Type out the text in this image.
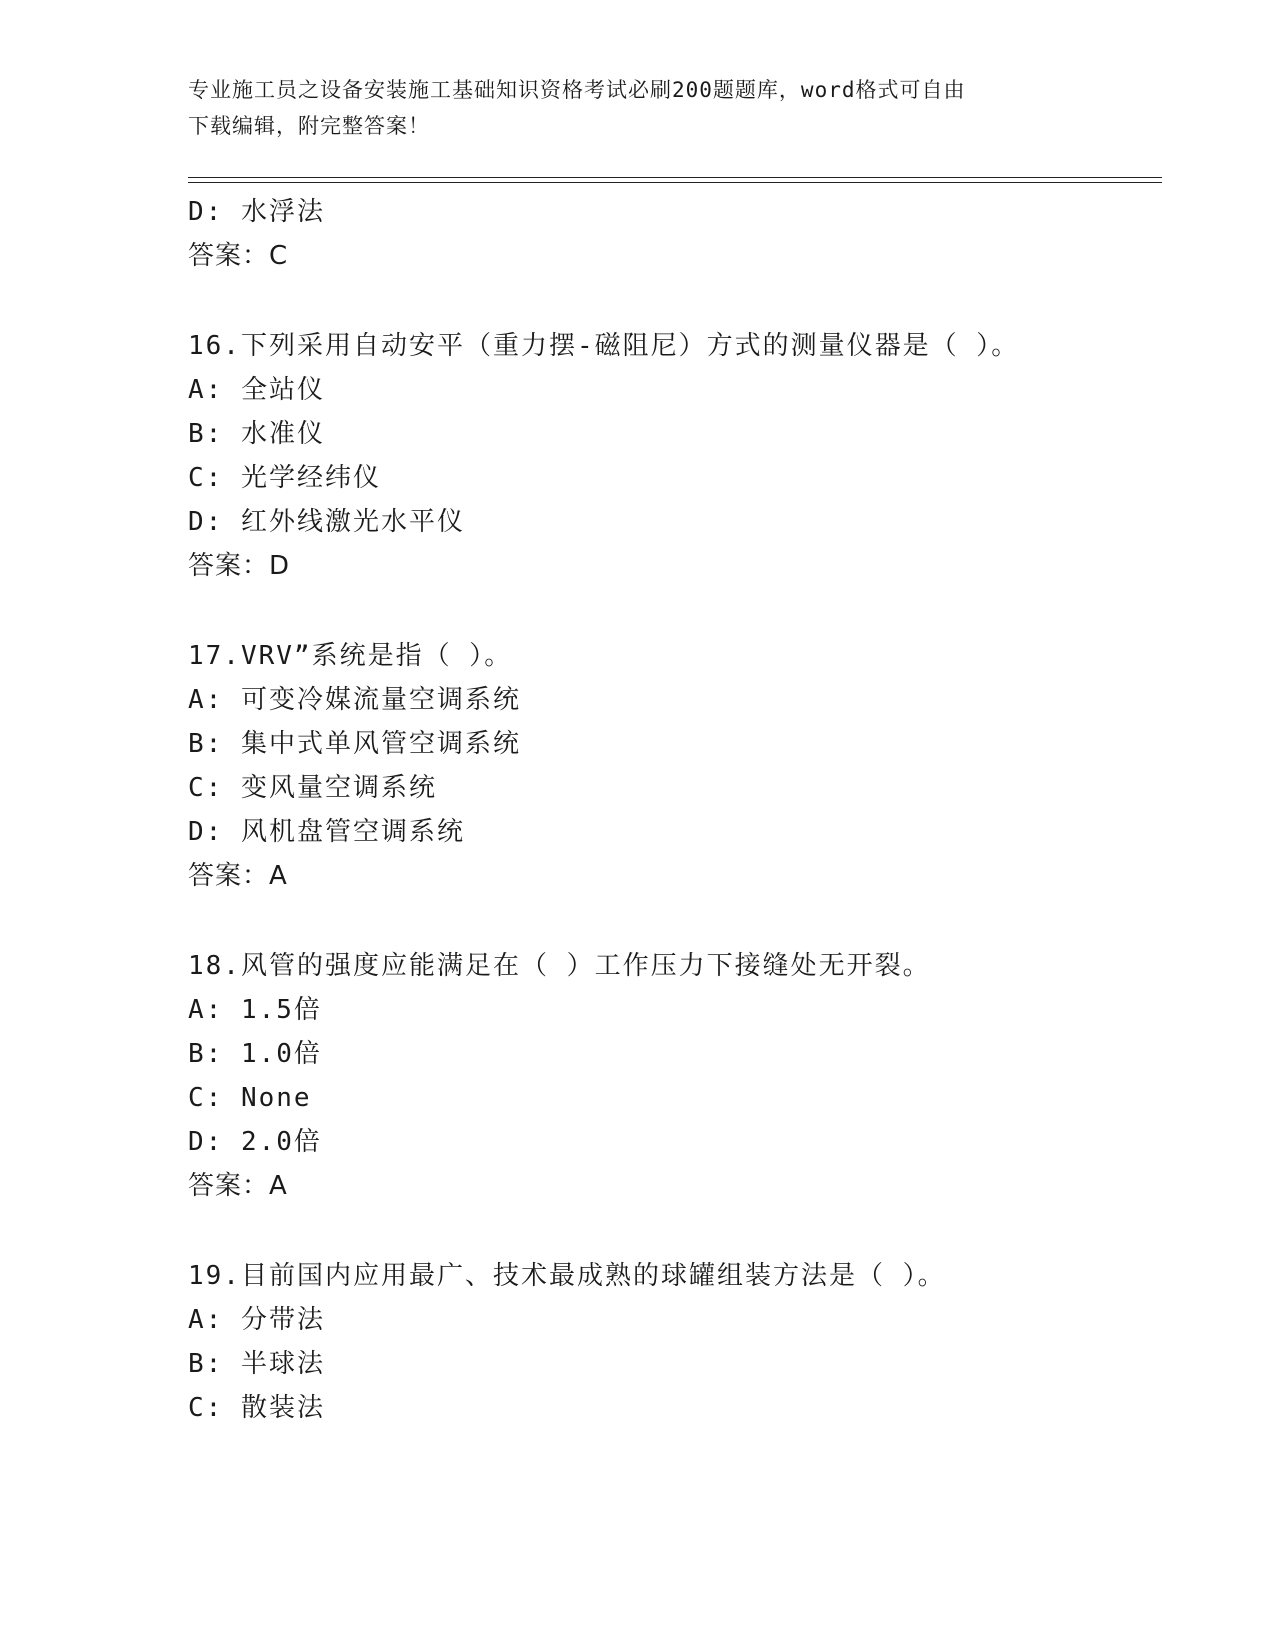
专业施工员之设备安装施工基础知识资格考试必刷200题题库，word格式可自由
下载编辑，附完整答案！
D: 水浮法
答案：C
16.下列采用自动安平（重力摆-磁阻尼）方式的测量仪器是（ ）。
A: 全站仪
B: 水准仪
C: 光学经纬仪
D: 红外线激光水平仪
答案：D
17.VRV”系统是指（ ）。
A: 可变冷媒流量空调系统
B: 集中式单风管空调系统
C: 变风量空调系统
D: 风机盘管空调系统
答案：A
18.风管的强度应能满足在（ ）工作压力下接缝处无开裂。
A: 1.5倍
B: 1.0倍
C: None
D: 2.0倍
答案：A
19.目前国内应用最广、技术最成熟的球罐组装方法是（ ）。
A: 分带法
B: 半球法
C: 散装法
